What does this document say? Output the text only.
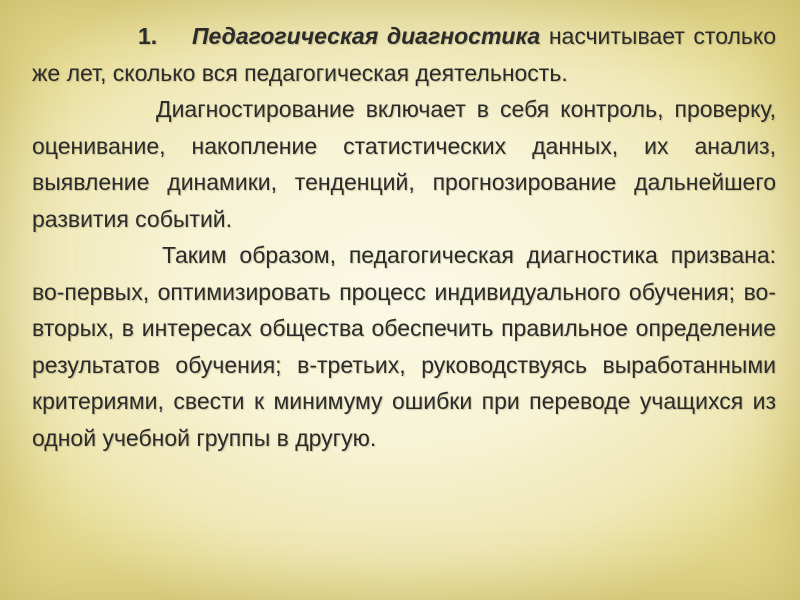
1. Педагогическая диагностика насчитывает столько же лет, сколько вся педагогическая деятельность.

Диагностирование включает в себя контроль, проверку, оценивание, накопление статистических данных, их анализ, выявление динамики, тенденций, прогнозирование дальнейшего развития событий.

Таким образом, педагогическая диагностика призвана: во-первых, оптимизировать процесс индивидуального обучения; во-вторых, в интересах общества обеспечить правильное определение результатов обучения; в-третьих, руководствуясь выработанными критериями, свести к минимуму ошибки при переводе учащихся из одной учебной группы в другую.
